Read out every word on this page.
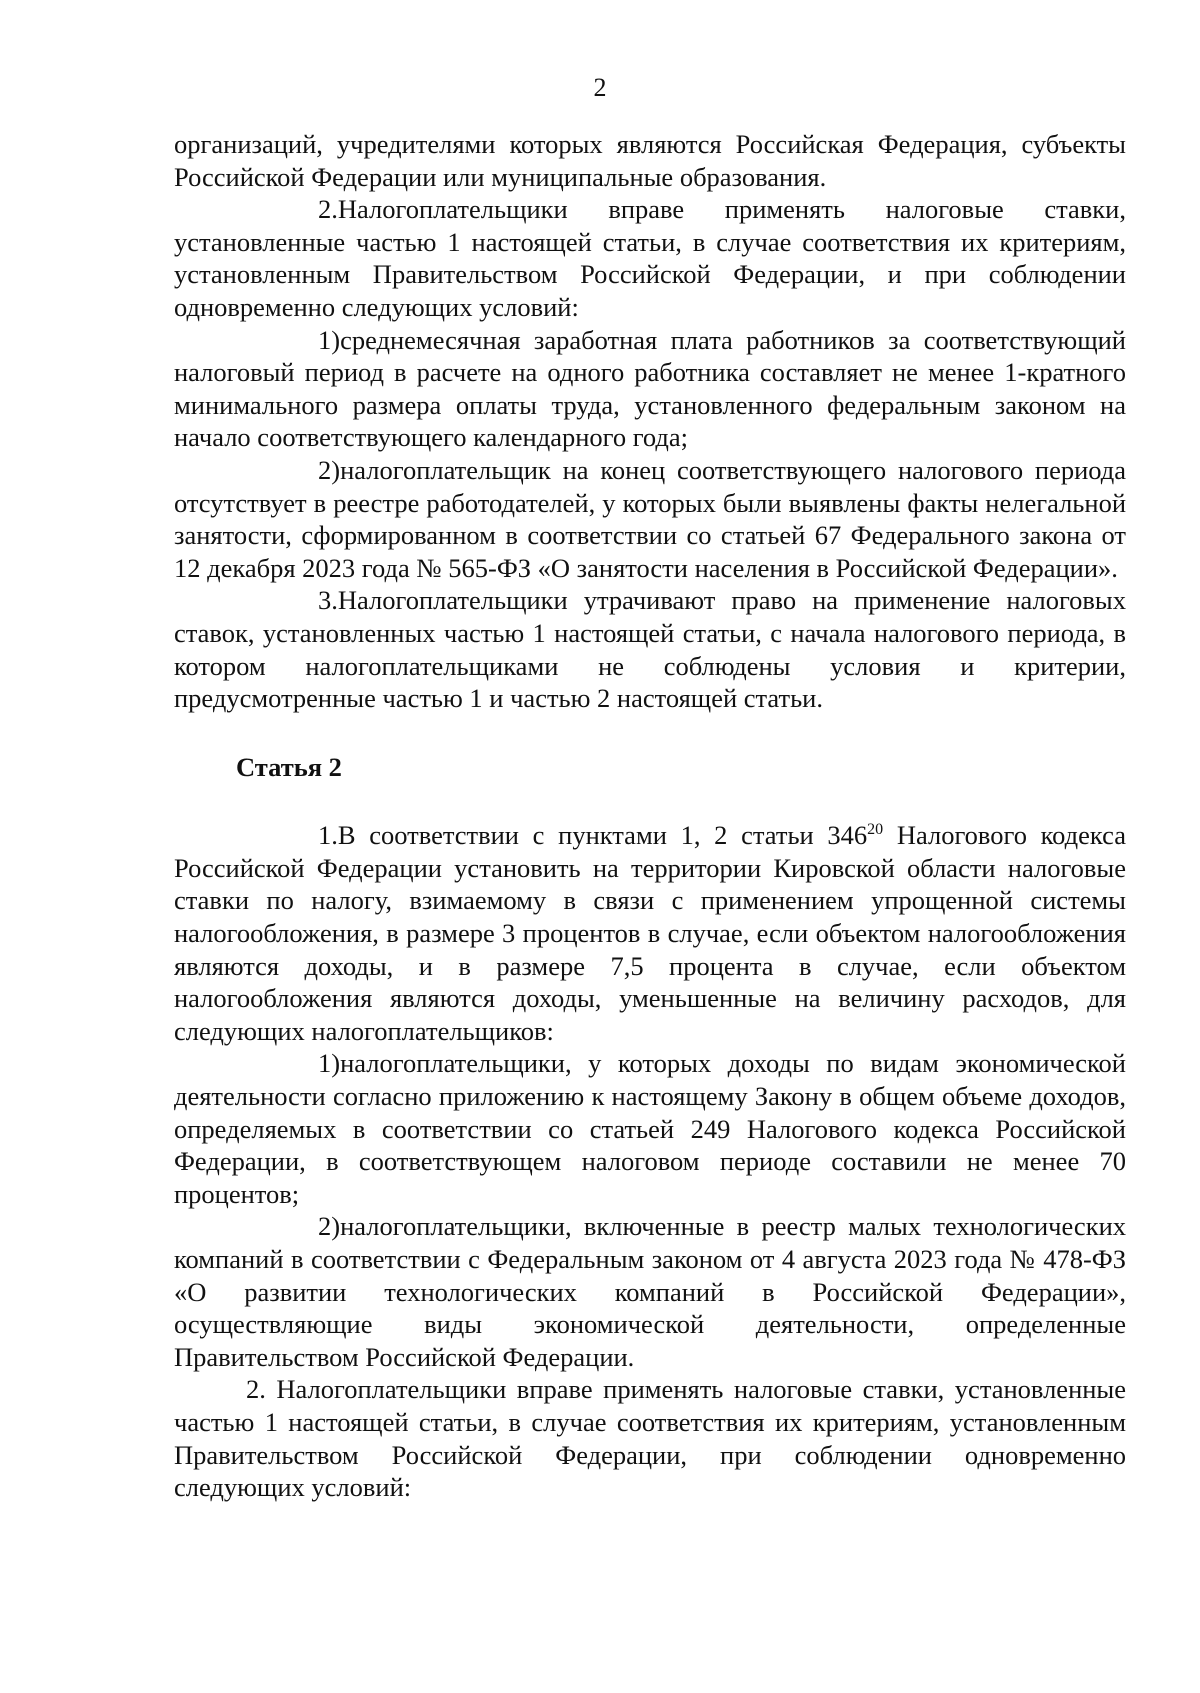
2

организаций, учредителями которых являются Российская Федерация, субъекты Российской Федерации или муниципальные образования.

2.Налогоплательщики вправе применять налоговые ставки, установленные частью 1 настоящей статьи, в случае соответствия их критериям, установленным Правительством Российской Федерации, и при соблюдении одновременно следующих условий:

1)среднемесячная заработная плата работников за соответствующий налоговый период в расчете на одного работника составляет не менее 1-кратного минимального размера оплаты труда, установленного федеральным законом на начало соответствующего календарного года;

2)налогоплательщик на конец соответствующего налогового периода отсутствует в реестре работодателей, у которых были выявлены факты нелегальной занятости, сформированном в соответствии со статьей 67 Федерального закона от 12 декабря 2023 года № 565-ФЗ «О занятости населения в Российской Федерации».

3.Налогоплательщики утрачивают право на применение налоговых ставок, установленных частью 1 настоящей статьи, с начала налогового периода, в котором налогоплательщиками не соблюдены условия и критерии, предусмотренные частью 1 и частью 2 настоящей статьи.

Статья 2

1.В соответствии с пунктами 1, 2 статьи $346^{20}$ Налогового кодекса Российской Федерации установить на территории Кировской области налоговые ставки по налогу, взимаемому в связи с применением упрощенной системы налогообложения, в размере 3 процентов в случае, если объектом налогообложения являются доходы, и в размере 7,5 процента в случае, если объектом налогообложения являются доходы, уменьшенные на величину расходов, для следующих налогоплательщиков:

1)налогоплательщики, у которых доходы по видам экономической деятельности согласно приложению к настоящему Закону в общем объеме доходов, определяемых в соответствии со статьей 249 Налогового кодекса Российской Федерации, в соответствующем налоговом периоде составили не менее 70 процентов;

2)налогоплательщики, включенные в реестр малых технологических компаний в соответствии с Федеральным законом от 4 августа 2023 года № 478-ФЗ «О развитии технологических компаний в Российской Федерации», осуществляющие виды экономической деятельности, определенные Правительством Российской Федерации.

2. Налогоплательщики вправе применять налоговые ставки, установленные частью 1 настоящей статьи, в случае соответствия их критериям, установленным Правительством Российской Федерации, при соблюдении одновременно следующих условий:
